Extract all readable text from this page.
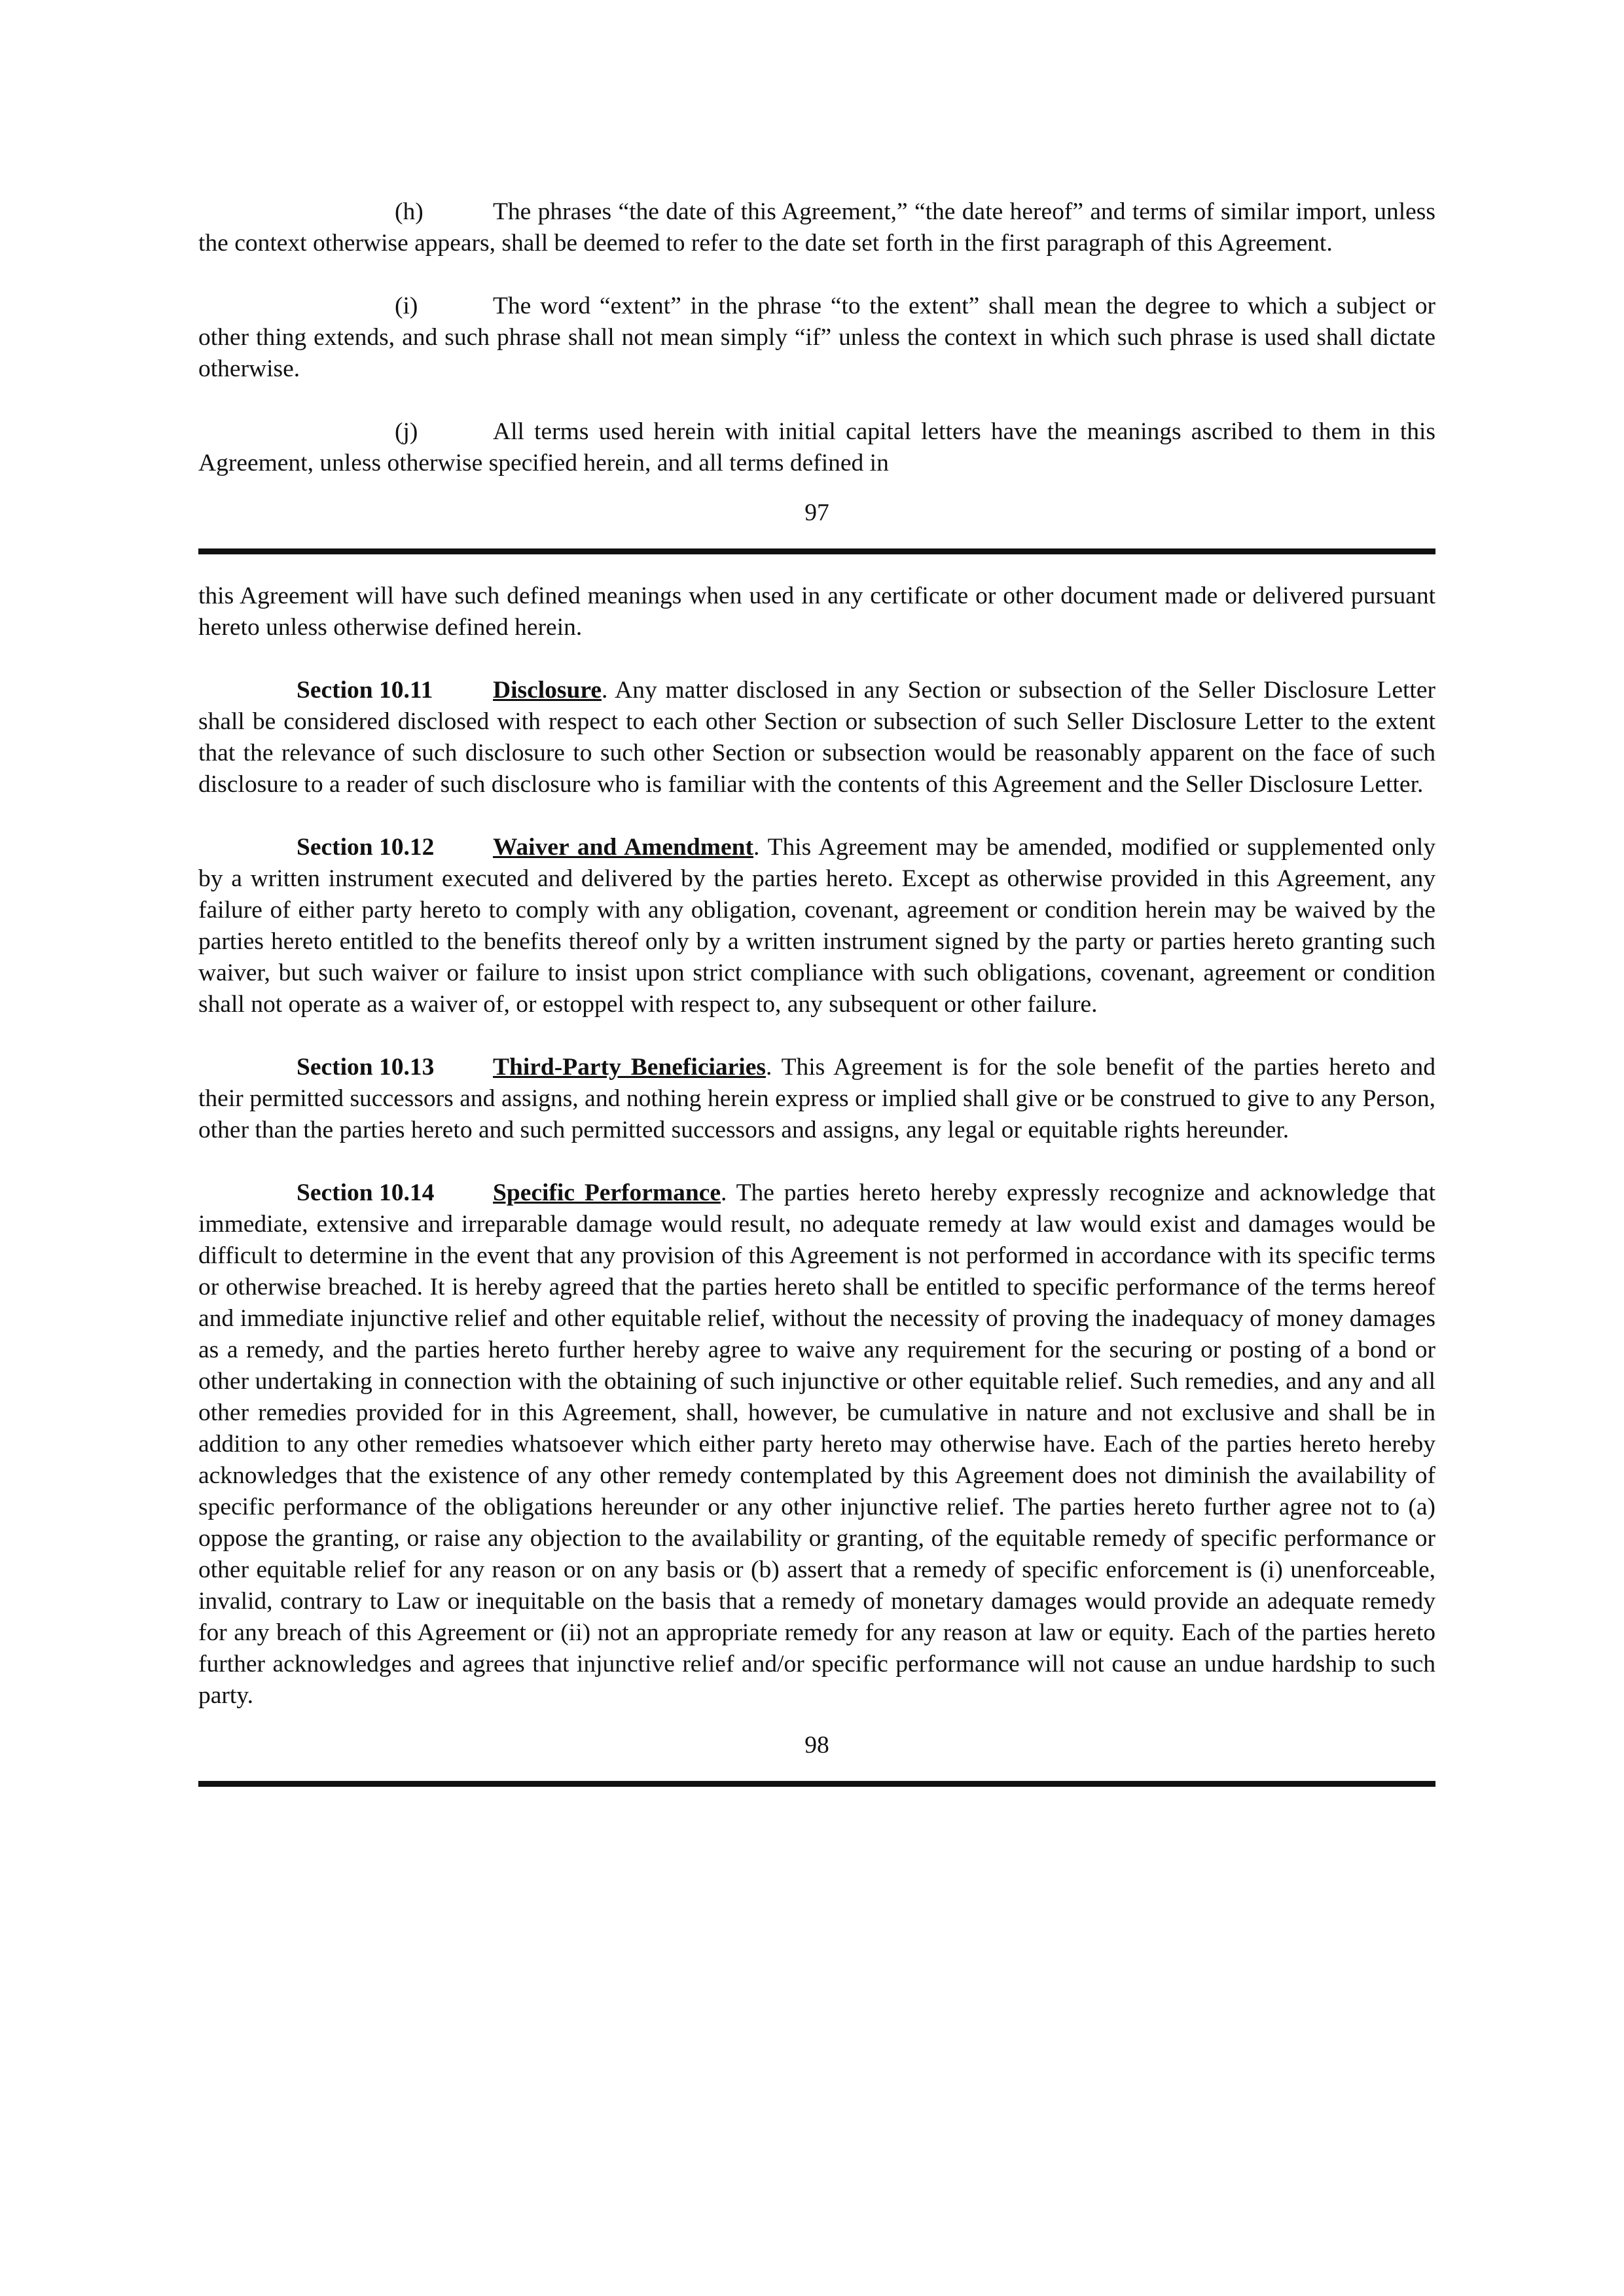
(h)	The phrases “the date of this Agreement,” “the date hereof” and terms of similar import, unless the context otherwise appears, shall be deemed to refer to the date set forth in the first paragraph of this Agreement.

(i)	The word “extent” in the phrase “to the extent” shall mean the degree to which a subject or other thing extends, and such phrase shall not mean simply “if” unless the context in which such phrase is used shall dictate otherwise.

(j)	All terms used herein with initial capital letters have the meanings ascribed to them in this Agreement, unless otherwise specified herein, and all terms defined in

97

this Agreement will have such defined meanings when used in any certificate or other document made or delivered pursuant hereto unless otherwise defined herein.

Section 10.11 Disclosure. Any matter disclosed in any Section or subsection of the Seller Disclosure Letter shall be considered disclosed with respect to each other Section or subsection of such Seller Disclosure Letter to the extent that the relevance of such disclosure to such other Section or subsection would be reasonably apparent on the face of such disclosure to a reader of such disclosure who is familiar with the contents of this Agreement and the Seller Disclosure Letter.

Section 10.12 Waiver and Amendment. This Agreement may be amended, modified or supplemented only by a written instrument executed and delivered by the parties hereto. Except as otherwise provided in this Agreement, any failure of either party hereto to comply with any obligation, covenant, agreement or condition herein may be waived by the parties hereto entitled to the benefits thereof only by a written instrument signed by the party or parties hereto granting such waiver, but such waiver or failure to insist upon strict compliance with such obligations, covenant, agreement or condition shall not operate as a waiver of, or estoppel with respect to, any subsequent or other failure.

Section 10.13 Third-Party Beneficiaries. This Agreement is for the sole benefit of the parties hereto and their permitted successors and assigns, and nothing herein express or implied shall give or be construed to give to any Person, other than the parties hereto and such permitted successors and assigns, any legal or equitable rights hereunder.

Section 10.14 Specific Performance. The parties hereto hereby expressly recognize and acknowledge that immediate, extensive and irreparable damage would result, no adequate remedy at law would exist and damages would be difficult to determine in the event that any provision of this Agreement is not performed in accordance with its specific terms or otherwise breached. It is hereby agreed that the parties hereto shall be entitled to specific performance of the terms hereof and immediate injunctive relief and other equitable relief, without the necessity of proving the inadequacy of money damages as a remedy, and the parties hereto further hereby agree to waive any requirement for the securing or posting of a bond or other undertaking in connection with the obtaining of such injunctive or other equitable relief. Such remedies, and any and all other remedies provided for in this Agreement, shall, however, be cumulative in nature and not exclusive and shall be in addition to any other remedies whatsoever which either party hereto may otherwise have. Each of the parties hereto hereby acknowledges that the existence of any other remedy contemplated by this Agreement does not diminish the availability of specific performance of the obligations hereunder or any other injunctive relief. The parties hereto further agree not to (a) oppose the granting, or raise any objection to the availability or granting, of the equitable remedy of specific performance or other equitable relief for any reason or on any basis or (b) assert that a remedy of specific enforcement is (i) unenforceable, invalid, contrary to Law or inequitable on the basis that a remedy of monetary damages would provide an adequate remedy for any breach of this Agreement or (ii) not an appropriate remedy for any reason at law or equity. Each of the parties hereto further acknowledges and agrees that injunctive relief and/or specific performance will not cause an undue hardship to such party.

98
